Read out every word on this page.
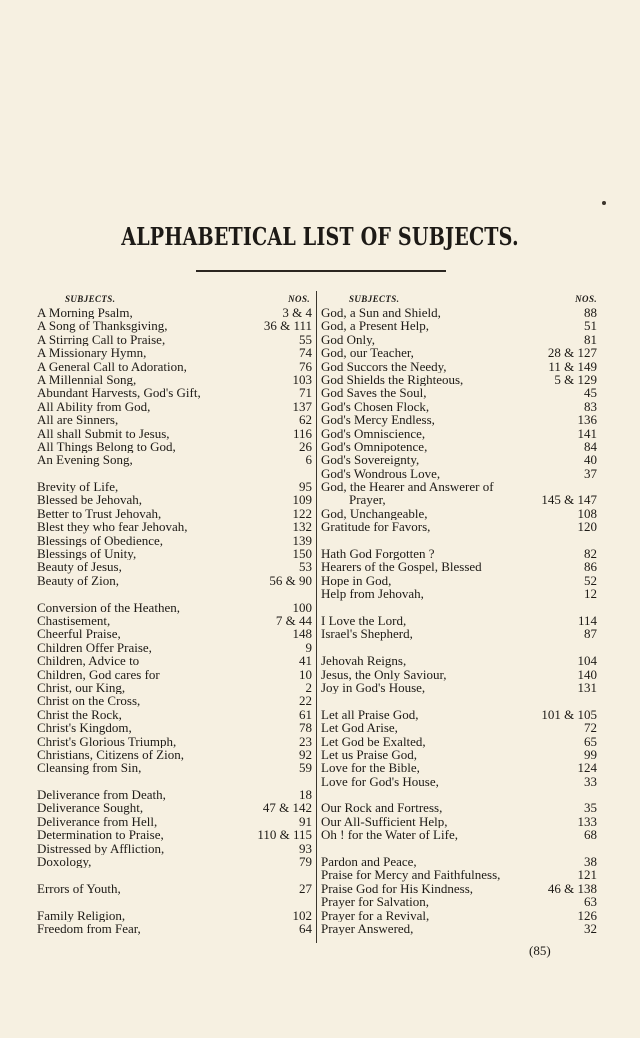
ALPHABETICAL LIST OF SUBJECTS.
SUBJECTS.	NOS.
A Morning Psalm,	3 & 4
A Song of Thanksgiving,	36 & 111
A Stirring Call to Praise,	55
A Missionary Hymn,	74
A General Call to Adoration,	76
A Millennial Song,	103
Abundant Harvests, God's Gift,	71
All Ability from God,	137
All are Sinners,	62
All shall Submit to Jesus,	116
All Things Belong to God,	26
An Evening Song,	6
Brevity of Life,	95
Blessed be Jehovah,	109
Better to Trust Jehovah,	122
Blest they who fear Jehovah,	132
Blessings of Obedience,	139
Blessings of Unity,	150
Beauty of Jesus,	53
Beauty of Zion,	56 & 90
Conversion of the Heathen,	100
Chastisement,	7 & 44
Cheerful Praise,	148
Children Offer Praise,	9
Children, Advice to	41
Children, God cares for	10
Christ, our King,	2
Christ on the Cross,	22
Christ the Rock,	61
Christ's Kingdom,	78
Christ's Glorious Triumph,	23
Christians, Citizens of Zion,	92
Cleansing from Sin,	59
Deliverance from Death,	18
Deliverance Sought,	47 & 142
Deliverance from Hell,	91
Determination to Praise,	110 & 115
Distressed by Affliction,	93
Doxology,	79
Errors of Youth,	27
Family Religion,	102
Freedom from Fear,	64
SUBJECTS.	NOS.
God, a Sun and Shield,	88
God, a Present Help,	51
God Only,	81
God, our Teacher,	28 & 127
God Succors the Needy,	11 & 149
God Shields the Righteous,	5 & 129
God Saves the Soul,	45
God's Chosen Flock,	83
God's Mercy Endless,	136
God's Omniscience,	141
God's Omnipotence,	84
God's Sovereignty,	40
God's Wondrous Love,	37
God, the Hearer and Answerer of
Prayer,	145 & 147
God, Unchangeable,	108
Gratitude for Favors,	120
Hath God Forgotten ?	82
Hearers of the Gospel, Blessed	86
Hope in God,	52
Help from Jehovah,	12
I Love the Lord,	114
Israel's Shepherd,	87
Jehovah Reigns,	104
Jesus, the Only Saviour,	140
Joy in God's House,	131
Let all Praise God,	101 & 105
Let God Arise,	72
Let God be Exalted,	65
Let us Praise God,	99
Love for the Bible,	124
Love for God's House,	33
Our Rock and Fortress,	35
Our All-Sufficient Help,	133
Oh ! for the Water of Life,	68
Pardon and Peace,	38
Praise for Mercy and Faithfulness,	121
Praise God for His Kindness,	46 & 138
Prayer for Salvation,	63
Prayer for a Revival,	126
Prayer Answered,	32
(85)
